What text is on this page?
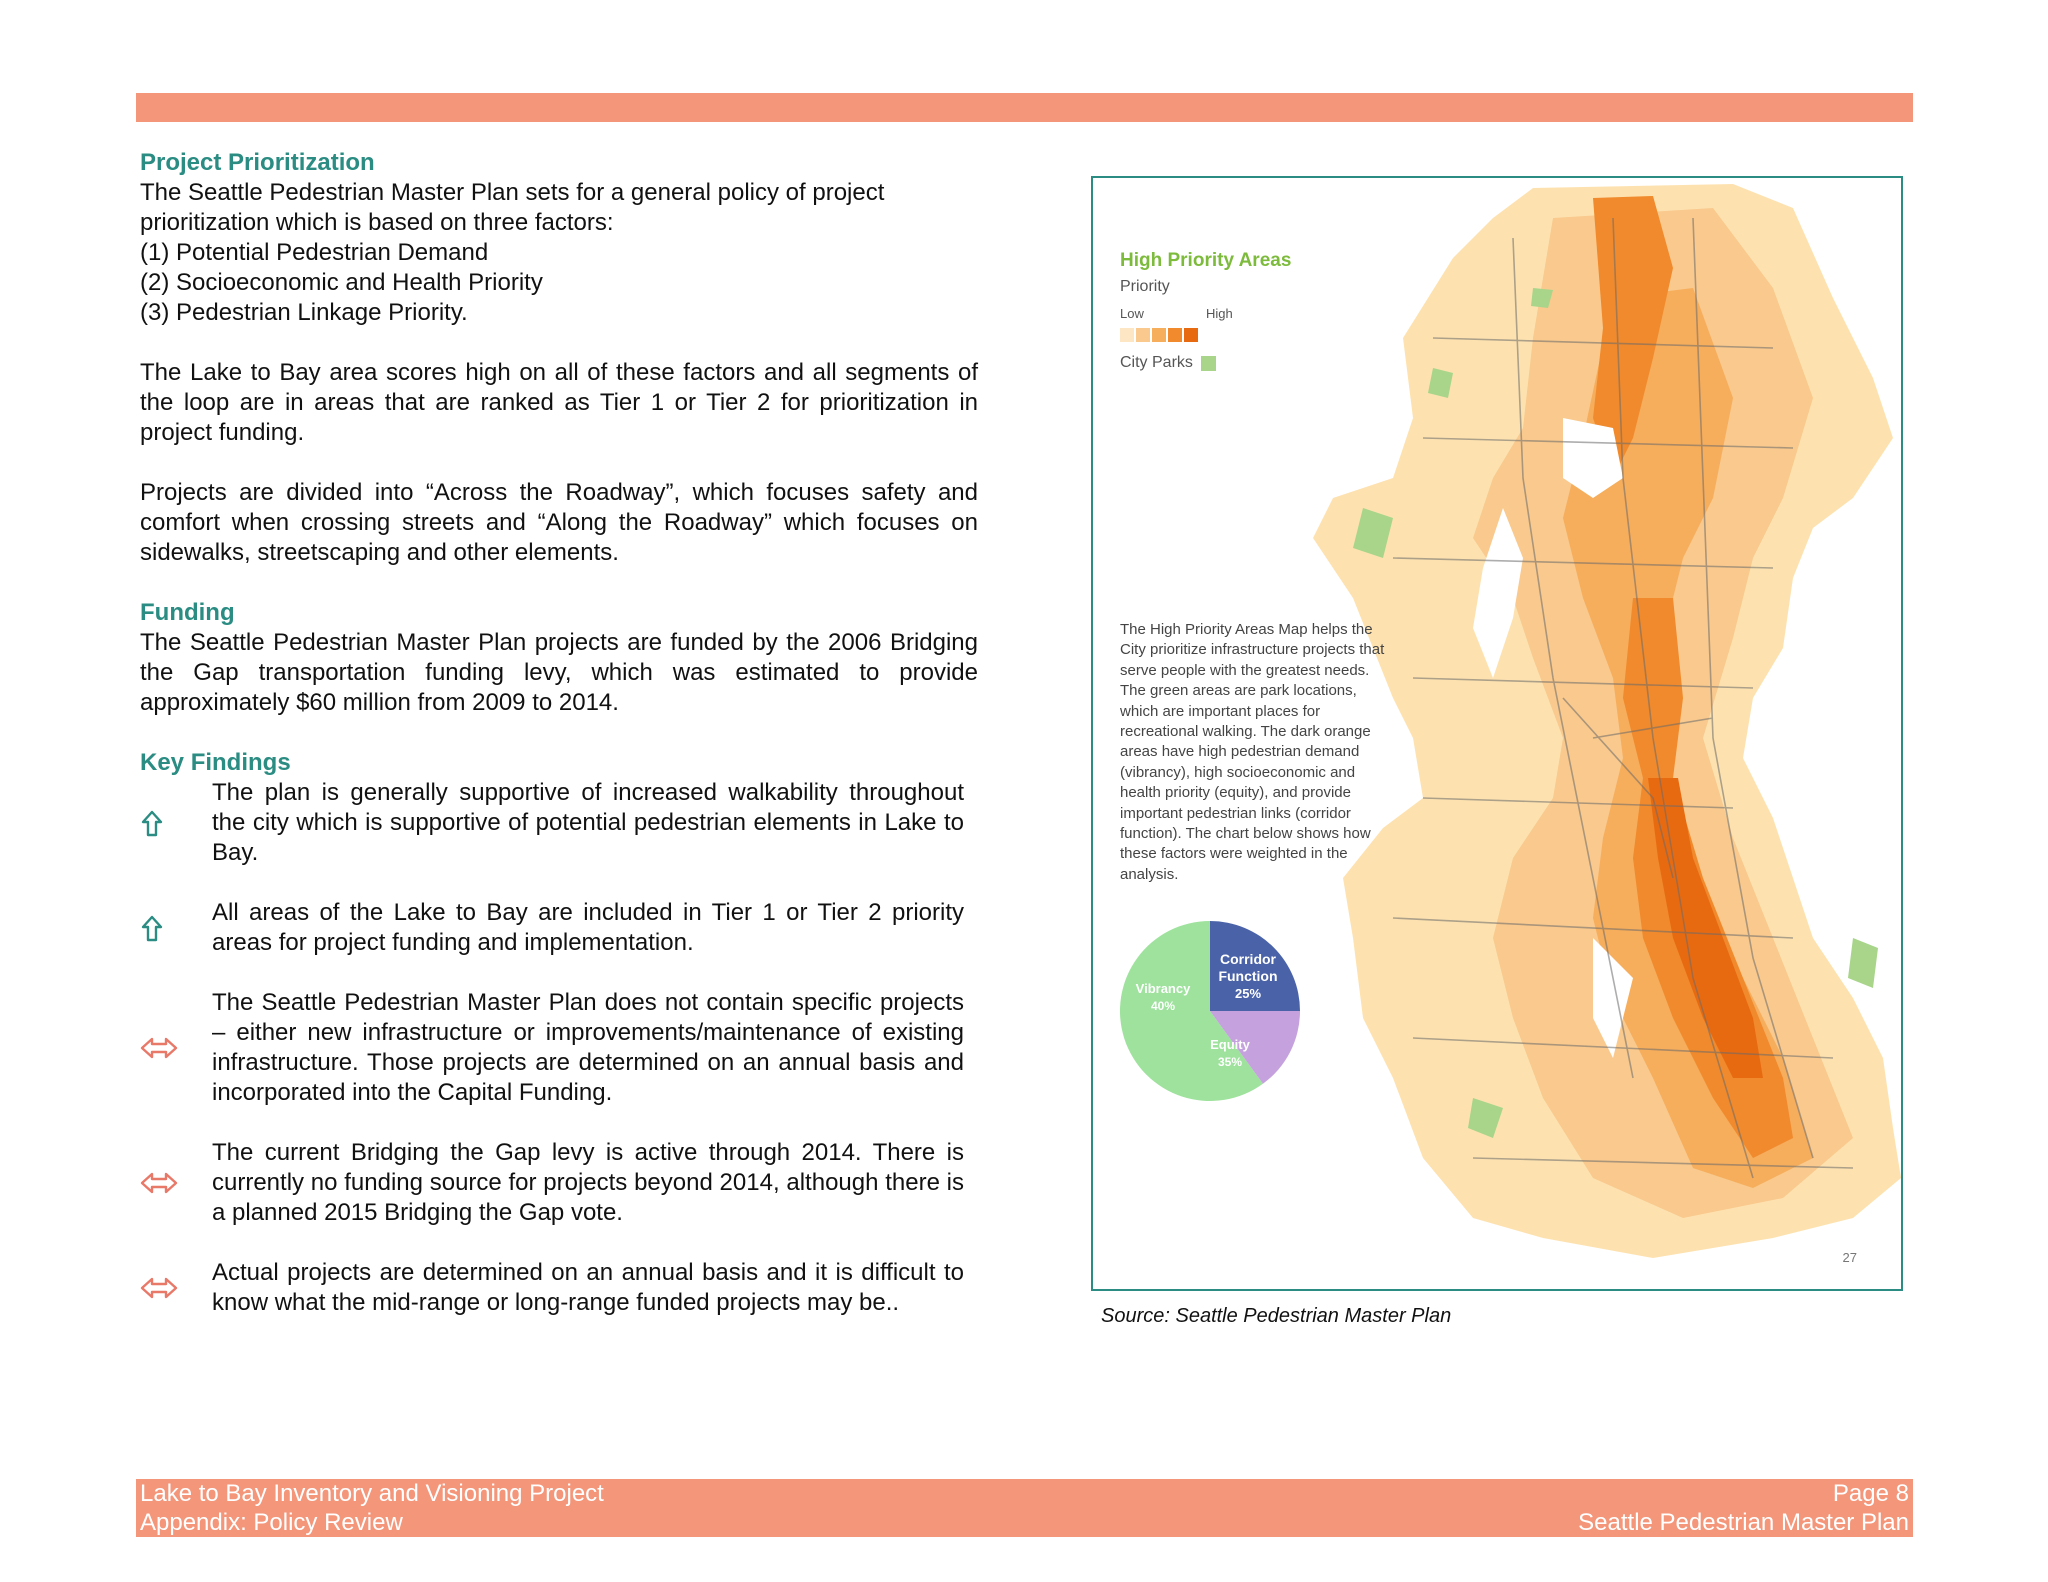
Project Prioritization

The Seattle Pedestrian Master Plan sets for a general policy of project prioritization which is based on three factors:

(1) Potential Pedestrian Demand

(2) Socioeconomic and Health Priority

(3) Pedestrian Linkage Priority.

The Lake to Bay area scores high on all of these factors and all segments of the loop are in areas that are ranked as Tier 1 or Tier 2 for prioritization in project funding.

Projects are divided into “Across the Roadway”, which focuses safety and comfort when crossing streets and “Along the Roadway” which focuses on sidewalks, streetscaping and other elements.

Funding

The Seattle Pedestrian Master Plan projects are funded by the 2006 Bridging the Gap transportation funding levy, which was estimated to provide approximately $60 million from 2009 to 2014.

Key Findings

The plan is generally supportive of increased walkability throughout the city which is supportive of potential pedestrian elements in Lake to Bay.
All areas of the Lake to Bay are included in Tier 1 or Tier 2 priority areas for project funding and implementation.
The Seattle Pedestrian Master Plan does not contain specific projects – either new infrastructure or improvements/maintenance of existing infrastructure. Those projects are determined on an annual basis and incorporated into the Capital Funding.
The current Bridging the Gap levy is active through 2014. There is currently no funding source for projects beyond 2014, although there is a planned 2015 Bridging the Gap vote.
Actual projects are determined on an annual basis and it is difficult to know what the mid-range or long-range funded projects may be..
High Priority Areas
Priority
Low	High
City Parks
The High Priority Areas Map helps the City prioritize infrastructure projects that serve people with the greatest needs. The green areas are park locations, which are important places for recreational walking. The dark orange areas have high pedestrian demand (vibrancy), high socioeconomic and health priority (equity), and provide important pedestrian links (corridor function). The chart below shows how these factors were weighted in the analysis.
Corridor
Function
25%
Equity
35%
Vibrancy
40%
27
Source: Seattle Pedestrian Master Plan
Lake to Bay Inventory and Visioning Project
Appendix: Policy Review
Page 8
Seattle Pedestrian Master Plan
